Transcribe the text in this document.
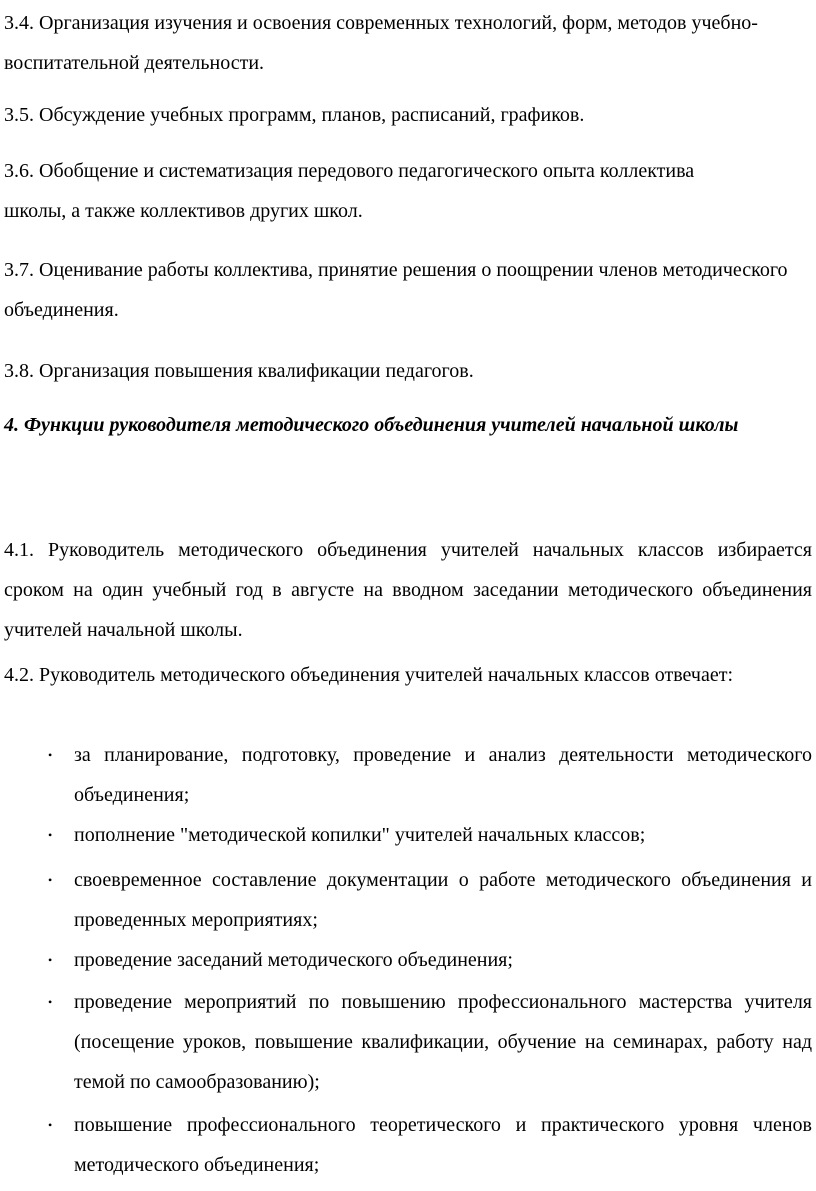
3.4. Организация изучения и освоения современных технологий, форм, методов учебно-воспитательной деятельности.

3.5. Обсуждение учебных программ, планов, расписаний, графиков.

3.6. Обобщение и систематизация передового педагогического опыта коллектива школы, а также коллективов других школ.

3.7. Оценивание работы коллектива, принятие решения о поощрении членов методического объединения.

3.8. Организация повышения квалификации педагогов.

4. Функции руководителя методического объединения учителей начальной школы

4.1. Руководитель методического объединения учителей начальных классов избирается сроком на один учебный год в августе на вводном заседании методического объединения учителей начальной школы.

4.2. Руководитель методического объединения учителей начальных классов отвечает:

•	за планирование, подготовку, проведение и анализ деятельности методического объединения;
•	пополнение "методической копилки" учителей начальных классов;
•	своевременное составление документации о работе методического объединения и проведенных мероприятиях;
•	проведение заседаний методического объединения;
•	проведение мероприятий по повышению профессионального мастерства учителя (посещение уроков, повышение квалификации, обучение на семинарах, работу над темой по самообразованию);
•	повышение профессионального теоретического и практического уровня членов методического объединения;
